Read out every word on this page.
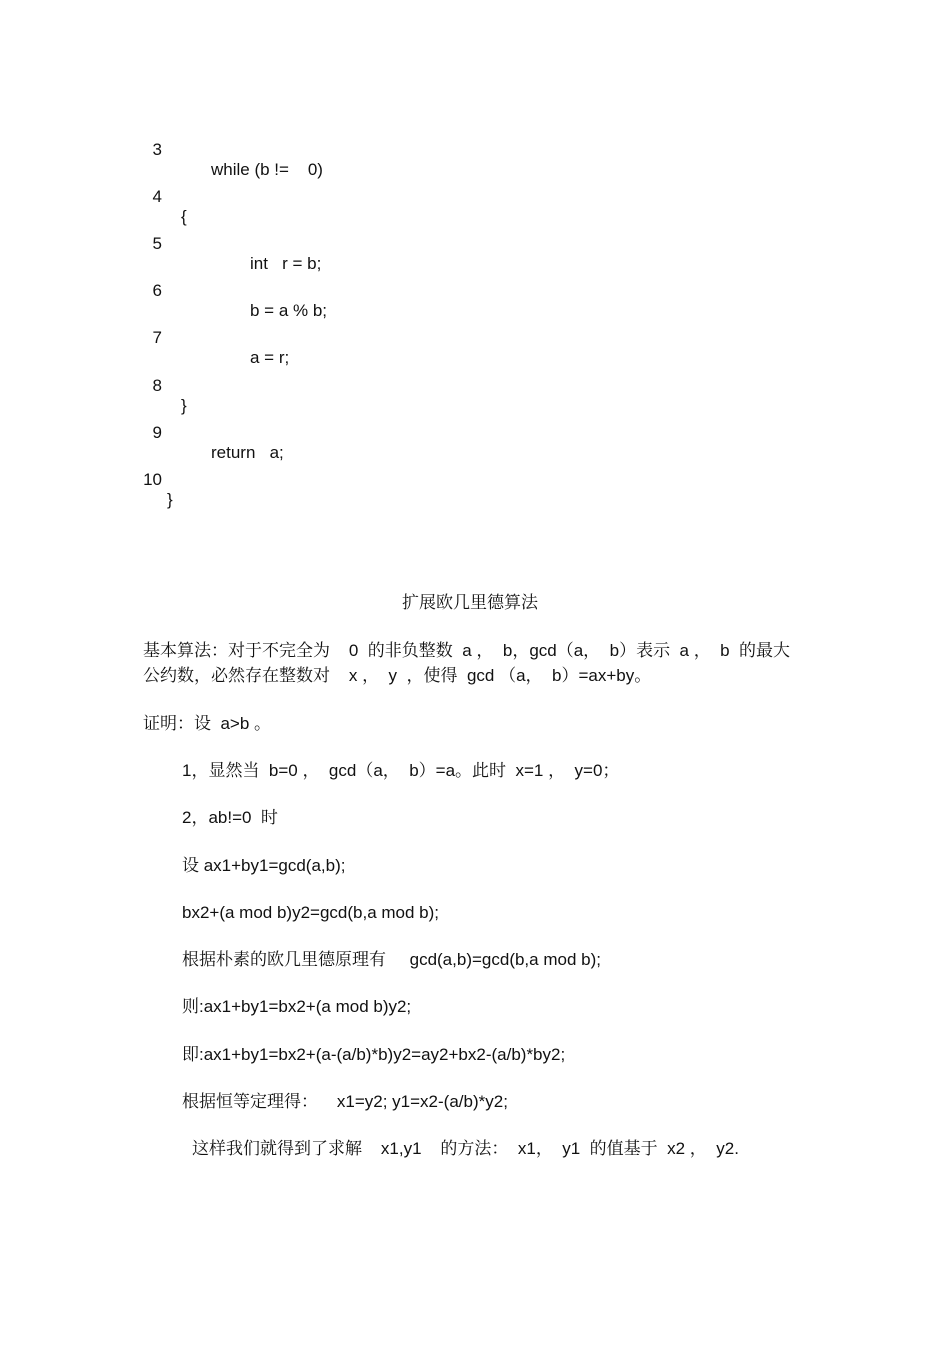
3

while (b !=    0)

4

{

5

int   r = b;

6

b = a % b;

7

a = r;

8

}

9

return   a;

10

}

扩展欧几里德算法
基本算法：对于不完全为    0  的非负整数  a ，  b，gcd（a，  b）表示  a ，  b  的最大
公约数，必然存在整数对    x ，  y  ，使得  gcd （a，  b）=ax+by。
证明：设  a>b 。
1，显然当  b=0 ，  gcd（a，  b）=a。此时  x=1 ，  y=0；
2，ab!=0  时
设 ax1+by1=gcd(a,b);
bx2+(a mod b)y2=gcd(b,a mod b);
根据朴素的欧几里德原理有     gcd(a,b)=gcd(b,a mod b);
则:ax1+by1=bx2+(a mod b)y2;
即:ax1+by1=bx2+(a-(a/b)*b)y2=ay2+bx2-(a/b)*by2;
根据恒等定理得：    x1=y2; y1=x2-(a/b)*y2;
这样我们就得到了求解    x1,y1    的方法：  x1，  y1  的值基于  x2 ，  y2.
